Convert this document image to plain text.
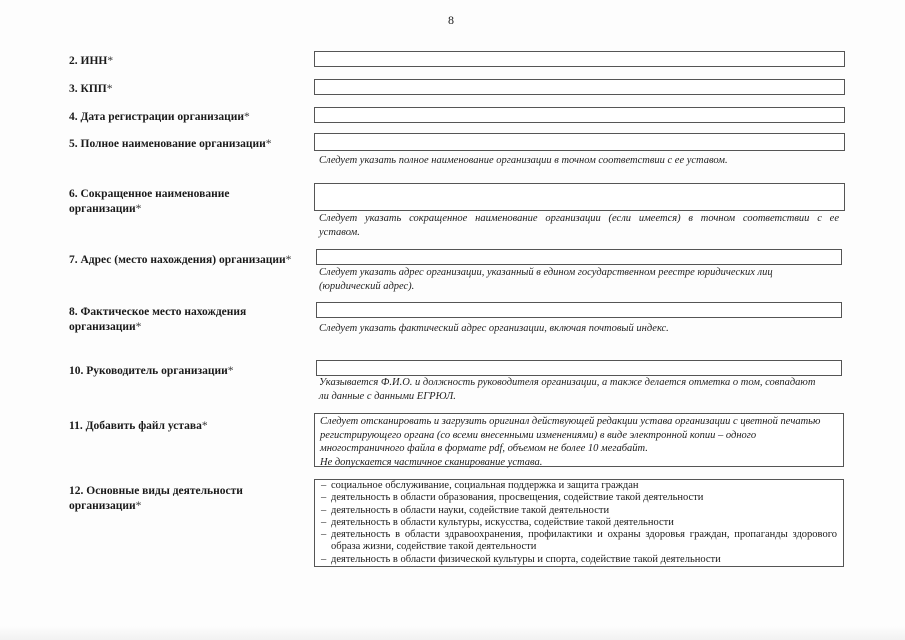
8
2. ИНН*
3. КПП*
4. Дата регистрации организации*
5. Полное наименование организации*
Следует указать полное наименование организации в точном соответствии с ее уставом.
6. Сокращенное наименование
организации*
Следует указать сокращенное наименование организации (если имеется) в точном соответствии с ее
уставом.
7. Адрес (место нахождения) организации*
Следует указать адрес организации, указанный в едином государственном реестре юридических лиц
(юридический адрес).
8. Фактическое место нахождения
организации*	Следует указать фактический адрес организации, включая почтовый индекс.
10. Руководитель организации*
Указывается Ф.И.О. и должность руководителя организации, а также делается отметка о том, совпадают
ли данные с данными ЕГРЮЛ.
11. Добавить файл устава*	Следует отсканировать и загрузить оригинал действующей редакции устава организации с цветной печатью
регистрирующего органа (со всеми внесенными изменениями) в виде электронной копии – одного
многостраничного файла в формате pdf, объемом не более 10 мегабайт.
Не допускается частичное сканирование устава.
12. Основные виды деятельности
организации*
– социальное обслуживание, социальная поддержка и защита граждан
– деятельность в области образования, просвещения, содействие такой деятельности
– деятельность в области науки, содействие такой деятельности
– деятельность в области культуры, искусства, содействие такой деятельности
– деятельность в области здравоохранения, профилактики и охраны здоровья граждан, пропаганды здорового образа жизни, содействие такой деятельности
– деятельность в области физической культуры и спорта, содействие такой деятельности
